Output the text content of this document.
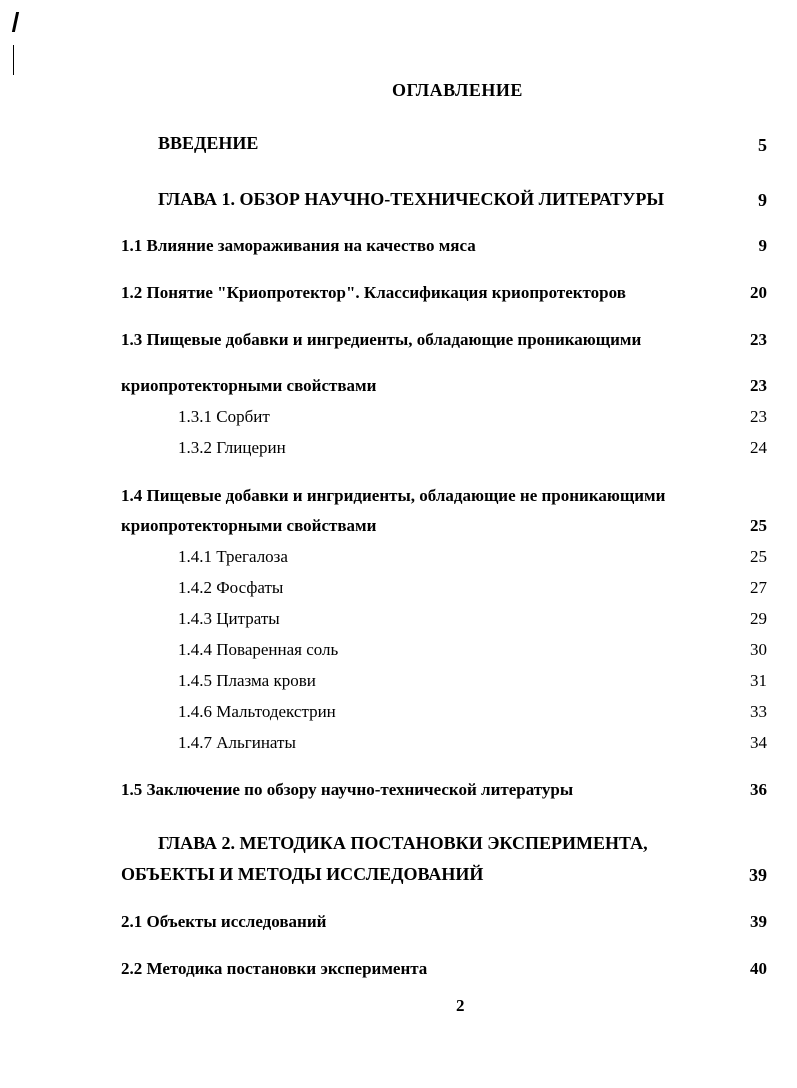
ОГЛАВЛЕНИЕ
ВВЕДЕНИЕ	5
ГЛАВА 1. ОБЗОР НАУЧНО-ТЕХНИЧЕСКОЙ ЛИТЕРАТУРЫ	9
1.1 Влияние замораживания на качество мяса	9
1.2 Понятие "Криопротектор". Классификация криопротекторов	20
1.3 Пищевые добавки и ингредиенты, обладающие проникающими	23
криопротекторными свойствами	23
1.3.1 Сорбит	23
1.3.2 Глицерин	24
1.4 Пищевые добавки и ингридиенты, обладающие не проникающими
криопротекторными свойствами	25
1.4.1 Трегалоза	25
1.4.2 Фосфаты	27
1.4.3 Цитраты	29
1.4.4 Поваренная соль	30
1.4.5 Плазма крови	31
1.4.6 Мальтодекстрин	33
1.4.7 Альгинаты	34
1.5 Заключение по обзору научно-технической литературы	36
ГЛАВА 2. МЕТОДИКА ПОСТАНОВКИ ЭКСПЕРИМЕНТА,
ОБЪЕКТЫ И МЕТОДЫ ИССЛЕДОВАНИЙ	39
2.1 Объекты исследований	39
2.2 Методика постановки эксперимента	40
2
